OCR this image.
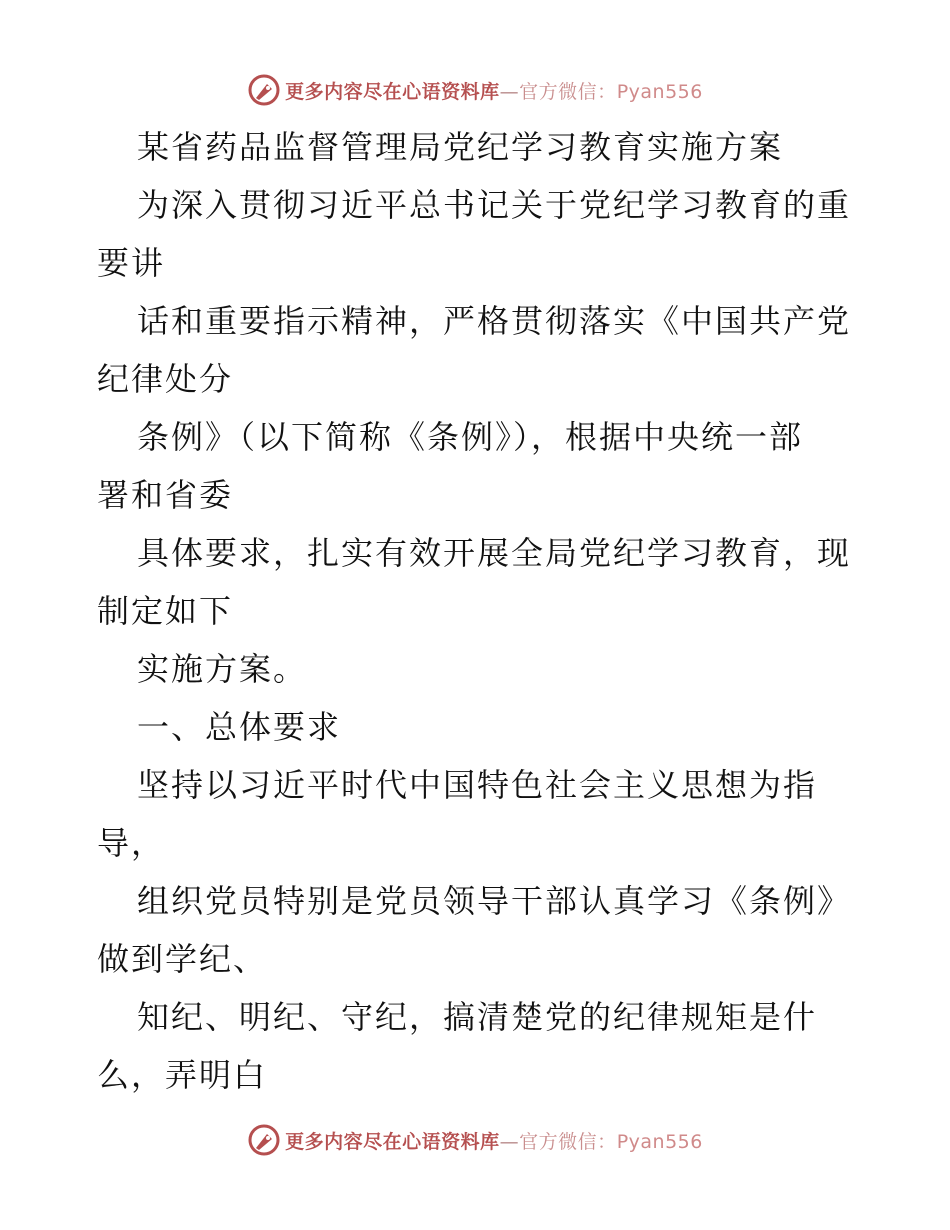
更多内容尽在心语资料库—官方微信：Pyan556
某省药品监督管理局党纪学习教育实施方案
为深入贯彻习近平总书记关于党纪学习教育的重
要讲
话和重要指示精神，严格贯彻落实《中国共产党
纪律处分
条例》（以下简称《条例》），根据中央统一部
署和省委
具体要求，扎实有效开展全局党纪学习教育，现
制定如下
实施方案。
一、总体要求
坚持以习近平时代中国特色社会主义思想为指
导，
组织党员特别是党员领导干部认真学习《条例》
做到学纪、
知纪、明纪、守纪，搞清楚党的纪律规矩是什
么，弄明白
更多内容尽在心语资料库—官方微信：Pyan556
